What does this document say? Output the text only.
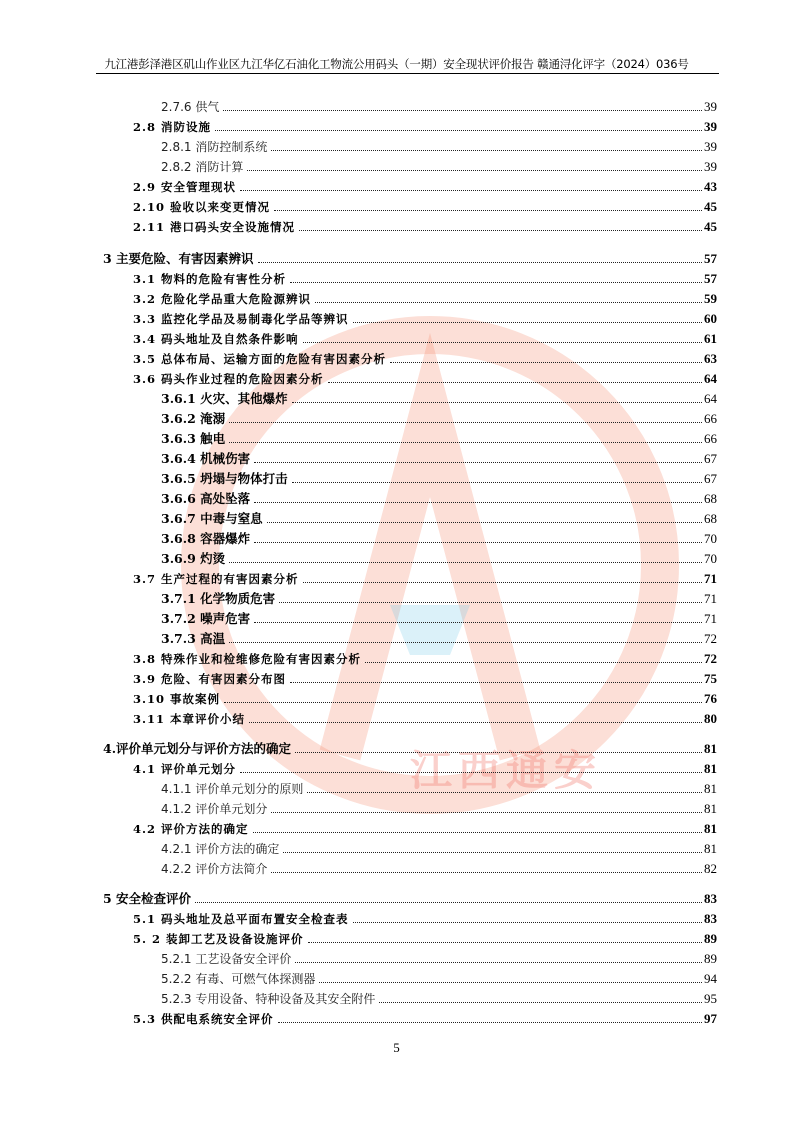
九江港彭泽港区矶山作业区九江华亿石油化工物流公用码头（一期）安全现状评价报告 赣通浔化评字（2024）036号
江西通安
2.7.6 供气	39
2.8 消防设施	39
2.8.1 消防控制系统	39
2.8.2 消防计算	39
2.9 安全管理现状	43
2.10 验收以来变更情况	45
2.11 港口码头安全设施情况	45
3 主要危险、有害因素辨识	57
3.1 物料的危险有害性分析	57
3.2 危险化学品重大危险源辨识	59
3.3 监控化学品及易制毒化学品等辨识	60
3.4 码头地址及自然条件影响	61
3.5 总体布局、运输方面的危险有害因素分析	63
3.6 码头作业过程的危险因素分析	64
3.6.1 火灾、其他爆炸	64
3.6.2 淹溺	66
3.6.3 触电	66
3.6.4 机械伤害	67
3.6.5 坍塌与物体打击	67
3.6.6 高处坠落	68
3.6.7 中毒与窒息	68
3.6.8 容器爆炸	70
3.6.9 灼烫	70
3.7 生产过程的有害因素分析	71
3.7.1 化学物质危害	71
3.7.2 噪声危害	71
3.7.3 高温	72
3.8 特殊作业和检维修危险有害因素分析	72
3.9 危险、有害因素分布图	75
3.10 事故案例	76
3.11 本章评价小结	80
4.评价单元划分与评价方法的确定	81
4.1 评价单元划分	81
4.1.1 评价单元划分的原则	81
4.1.2 评价单元划分	81
4.2 评价方法的确定	81
4.2.1 评价方法的确定	81
4.2.2 评价方法简介	82
5 安全检查评价	83
5.1 码头地址及总平面布置安全检查表	83
5. 2 装卸工艺及设备设施评价	89
5.2.1 工艺设备安全评价	89
5.2.2 有毒、可燃气体探测器	94
5.2.3 专用设备、特种设备及其安全附件	95
5.3 供配电系统安全评价	97
5
